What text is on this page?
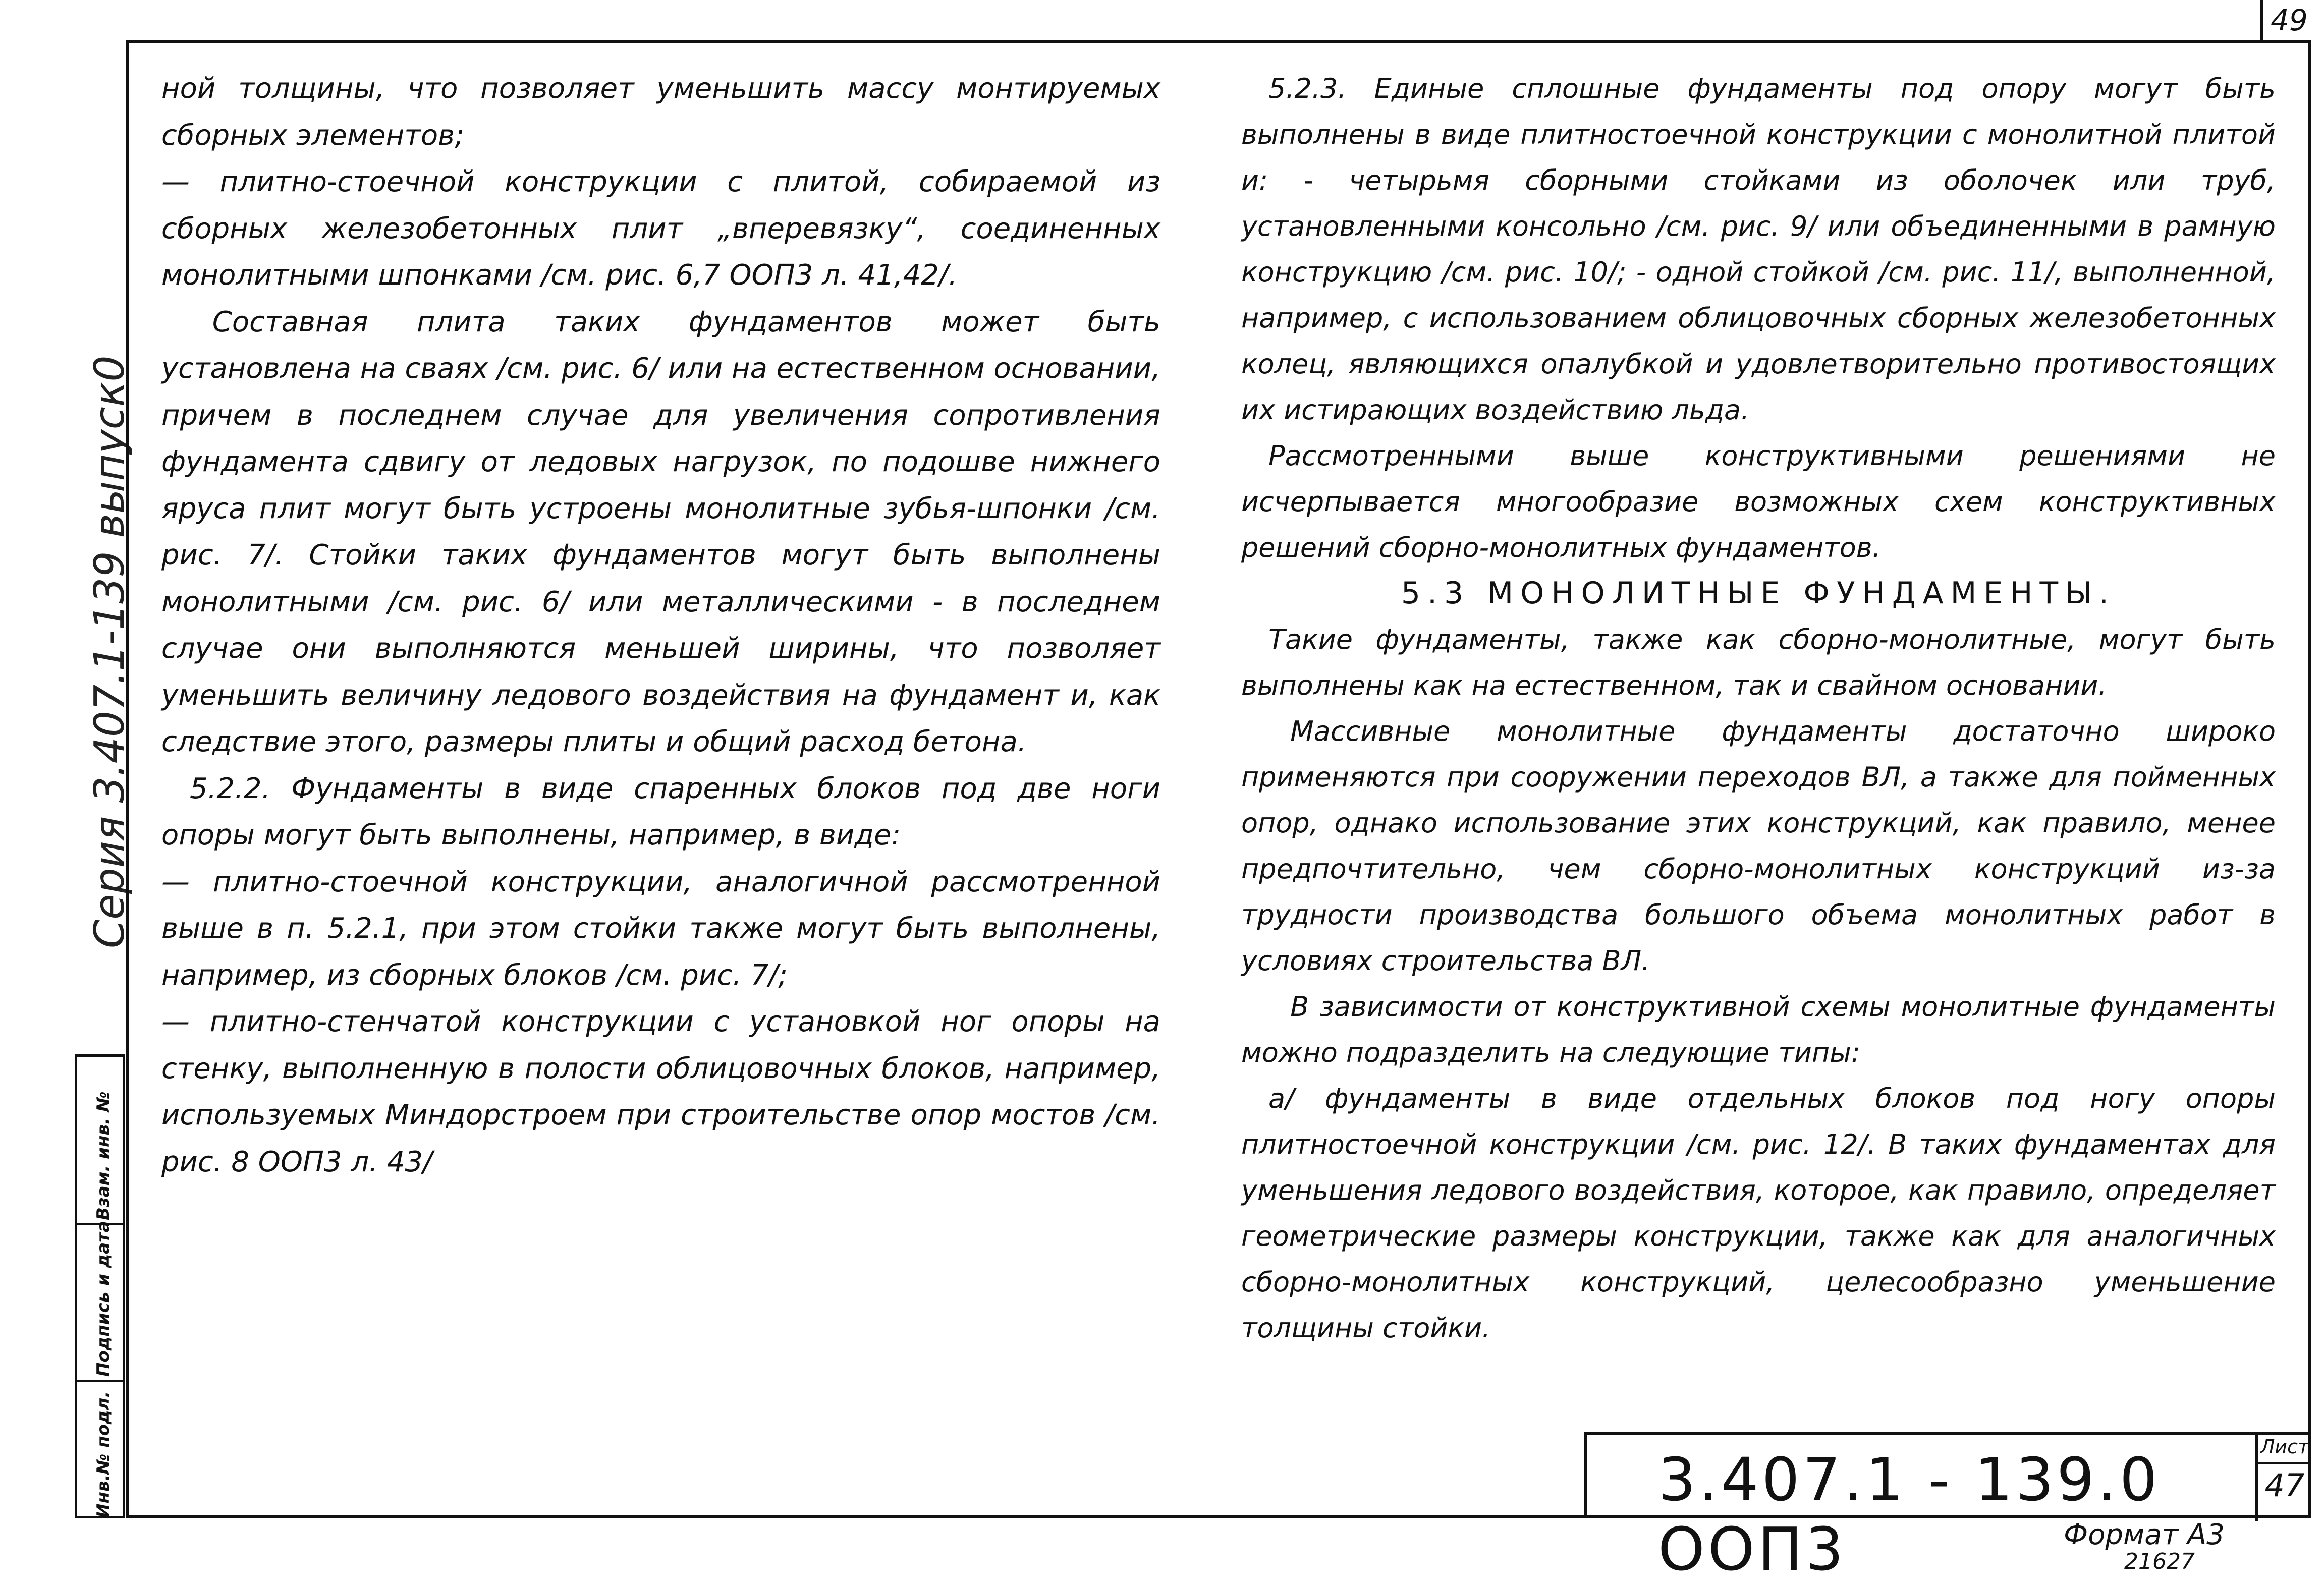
49
Серия 3.407.1-139 выпуск0
Инв.№ подл.
Подпись и дата
Взам. инв. №

ной толщины, что позволяет уменьшить массу монтируемых сборных элементов;

— плитно-стоечной конструкции с плитой, собираемой из сборных железобетонных плит „вперевязку“, соединенных монолитными шпонками /см. рис. 6,7 ООП3 л. 41,42/.

Составная плита таких фундаментов может быть установлена на сваях /см. рис. 6/ или на естественном основании, причем в последнем случае для увеличения сопротивления фундамента сдвигу от ледовых нагрузок, по подошве нижнего яруса плит могут быть устроены монолитные зубья-шпонки /см. рис. 7/. Стойки таких фундаментов могут быть выполнены монолитными /см. рис. 6/ или металлическими - в последнем случае они выполняются меньшей ширины, что позволяет уменьшить величину ледового воздействия на фундамент и, как следствие этого, размеры плиты и общий расход бетона.

5.2.2. Фундаменты в виде спаренных блоков под две ноги опоры могут быть выполнены, например, в виде:

— плитно-стоечной конструкции, аналогичной рассмотренной выше в п. 5.2.1, при этом стойки также могут быть выполнены, например, из сборных блоков /см. рис. 7/;

— плитно-стенчатой конструкции с установкой ног опоры на стенку, выполненную в полости облицовочных блоков, например, используемых Миндорстроем при строительстве опор мостов /см. рис. 8 ООП3 л. 43/

5.2.3. Единые сплошные фундаменты под опору могут быть выполнены в виде плитностоечной конструкции с монолитной плитой и: - четырьмя сборными стойками из оболочек или труб, установленными консольно /см. рис. 9/ или объединенными в рамную конструкцию /см. рис. 10/; - одной стойкой /см. рис. 11/, выполненной, например, с использованием облицовочных сборных железобетонных колец, являющихся опалубкой и удовлетворительно противостоящих их истирающих воздействию льда.

Рассмотренными выше конструктивными решениями не исчерпывается многообразие возможных схем конструктивных решений сборно-монолитных фундаментов.

5.3 МОНОЛИТНЫЕ ФУНДАМЕНТЫ.

Такие фундаменты, также как сборно-монолитные, могут быть выполнены как на естественном, так и свайном основании.

Массивные монолитные фундаменты достаточно широко применяются при сооружении переходов ВЛ, а также для пойменных опор, однако использование этих конструкций, как правило, менее предпочтительно, чем сборно-монолитных конструкций из-за трудности производства большого объема монолитных работ в условиях строительства ВЛ.

В зависимости от конструктивной схемы монолитные фундаменты можно подразделить на следующие типы:

а/ фундаменты в виде отдельных блоков под ногу опоры плитностоечной конструкции /см. рис. 12/. В таких фундаментах для уменьшения ледового воздействия, которое, как правило, определяет геометрические размеры конструкции, также как для аналогичных сборно-монолитных конструкций, целесообразно уменьшение толщины стойки.

3.407.1 - 139.0 ООП3
Лист
47
Формат А3
21627
